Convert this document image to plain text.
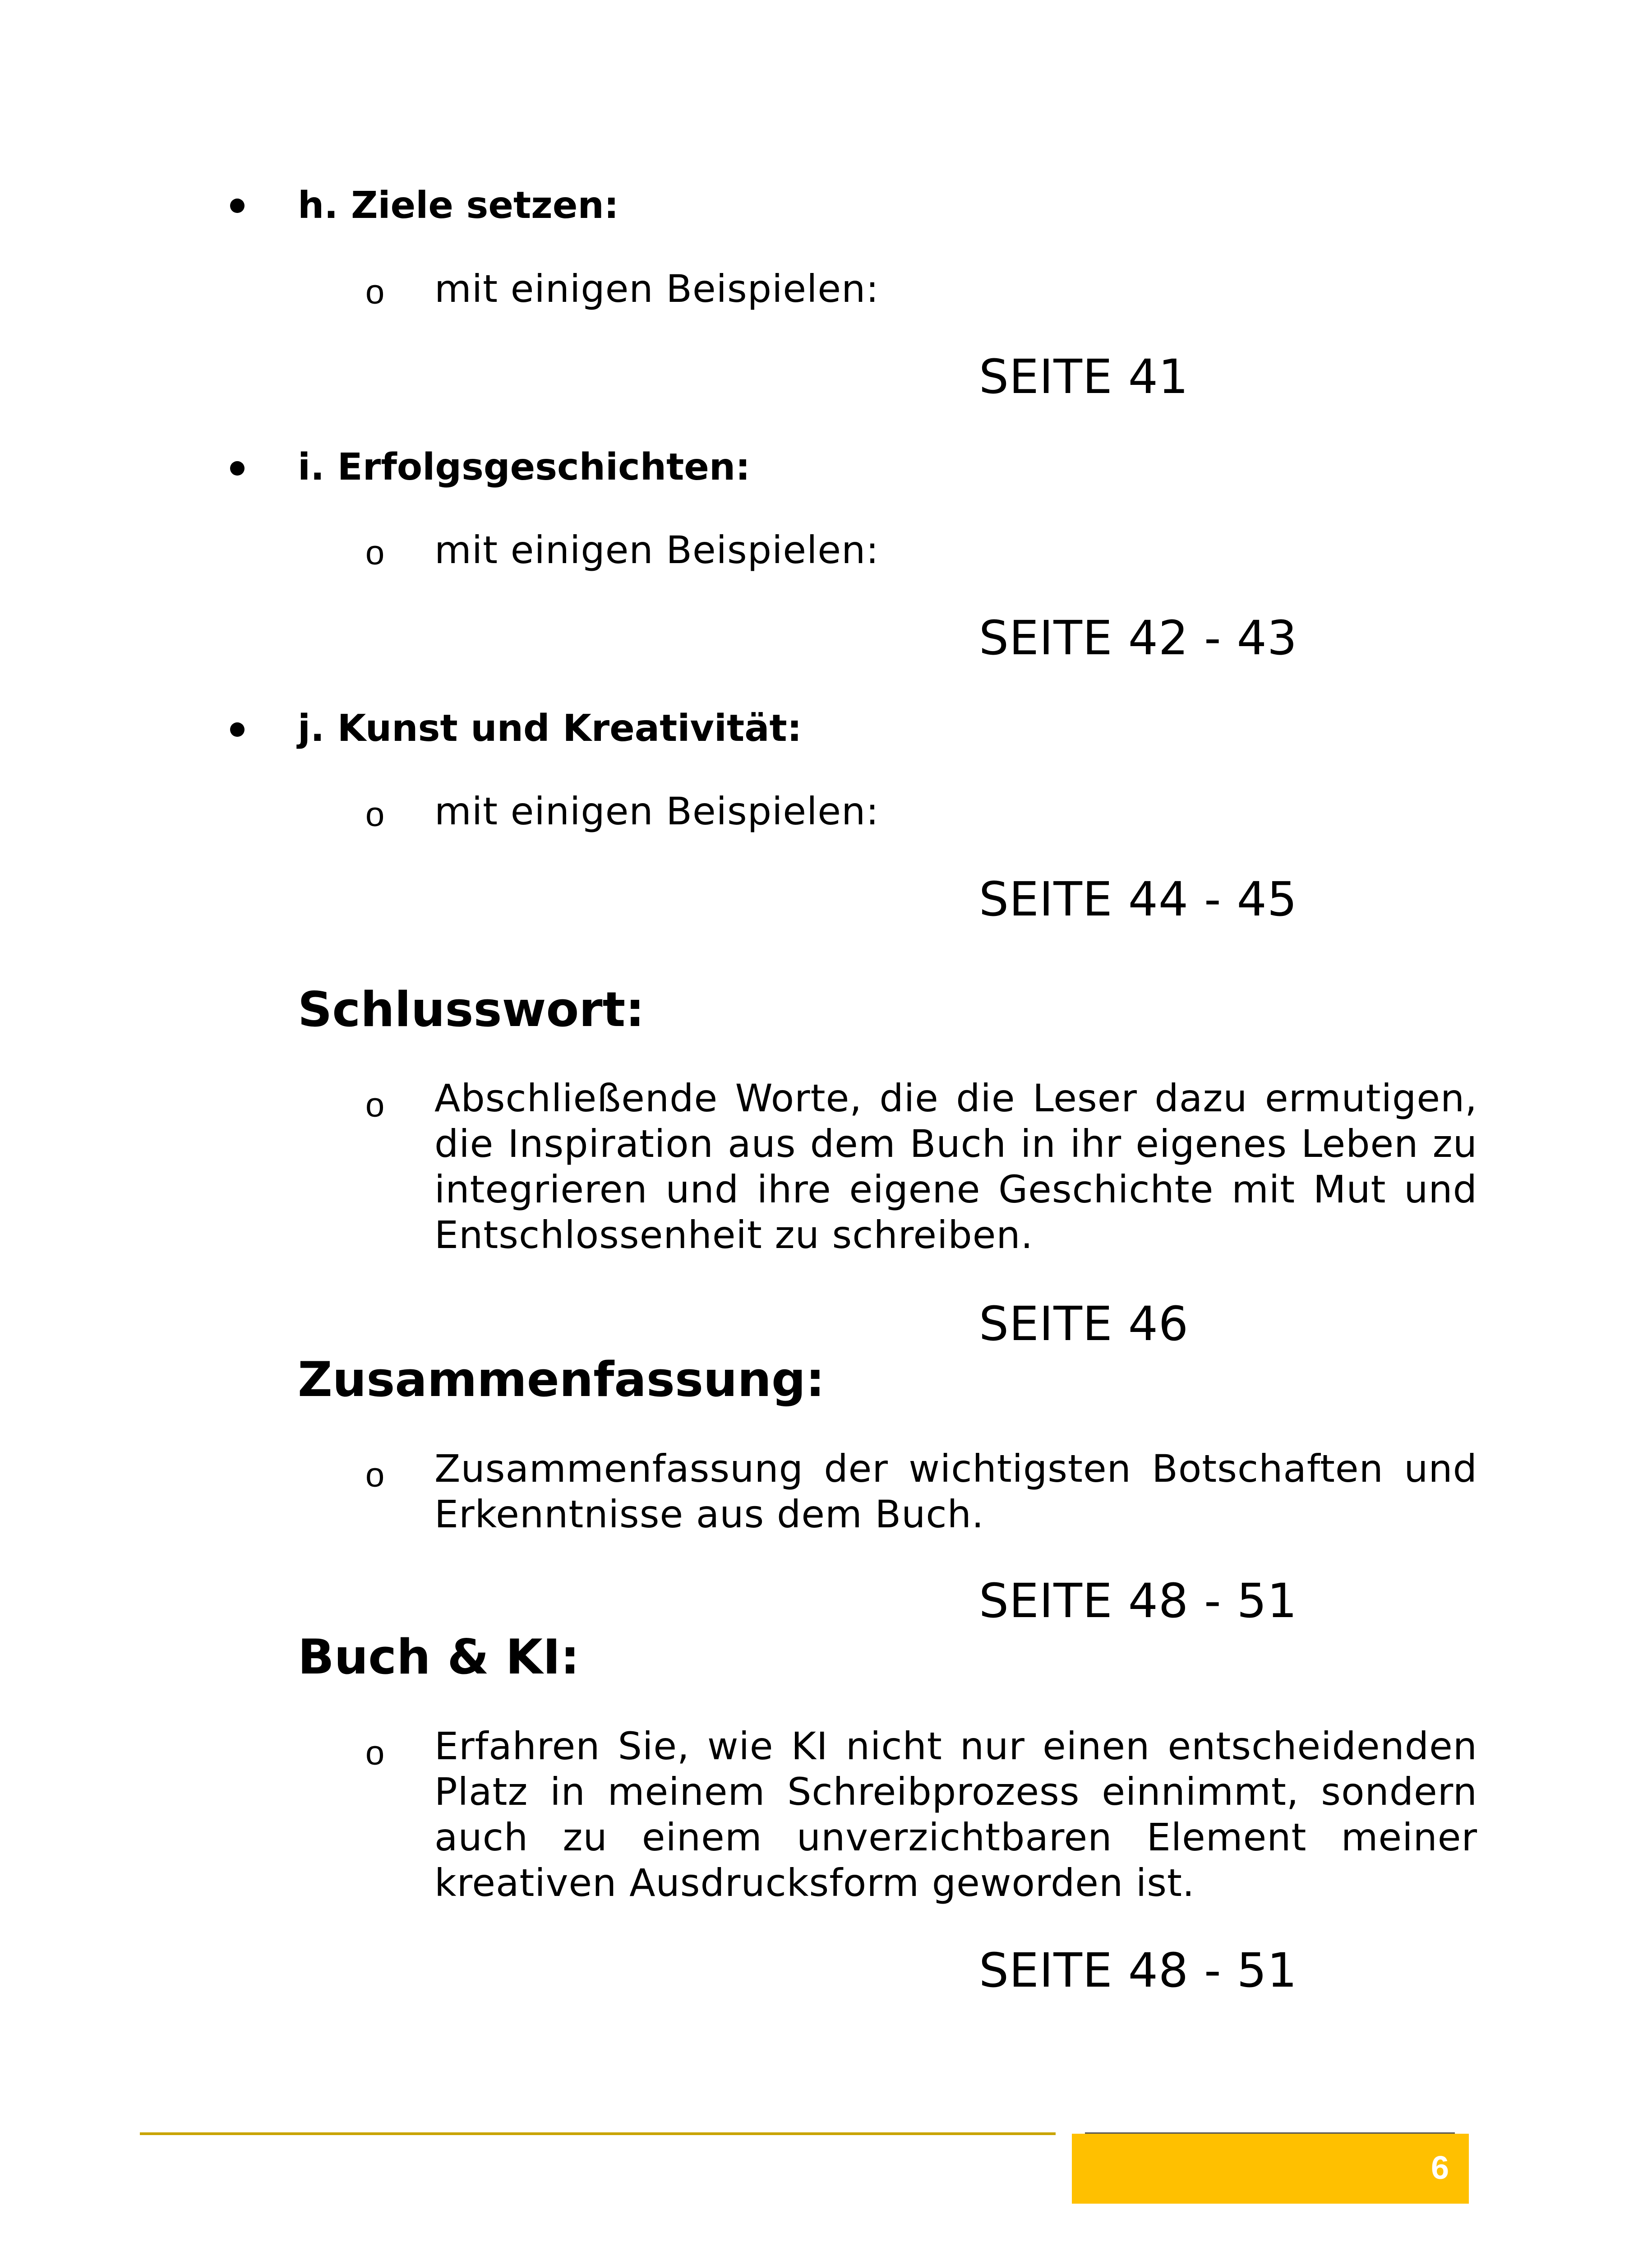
h. Ziele setzen:
o mit einigen Beispielen:
SEITE 41
i. Erfolgsgeschichten:
o mit einigen Beispielen:
SEITE 42 - 43
j. Kunst und Kreativität:
o mit einigen Beispielen:
SEITE 44 - 45
Schlusswort:
o Abschließende Worte, die die Leser dazu ermutigen, die Inspiration aus dem Buch in ihr eigenes Leben zu integrieren und ihre eigene Geschichte mit Mut und Entschlossenheit zu schreiben.
SEITE 46
Zusammenfassung:
o Zusammenfassung der wichtigsten Botschaften und Erkenntnisse aus dem Buch.
SEITE 48 - 51
Buch & KI:
o Erfahren Sie, wie KI nicht nur einen entscheidenden Platz in meinem Schreibprozess einnimmt, sondern auch zu einem unverzichtbaren Element meiner kreativen Ausdrucksform geworden ist.
SEITE 48 - 51
6
